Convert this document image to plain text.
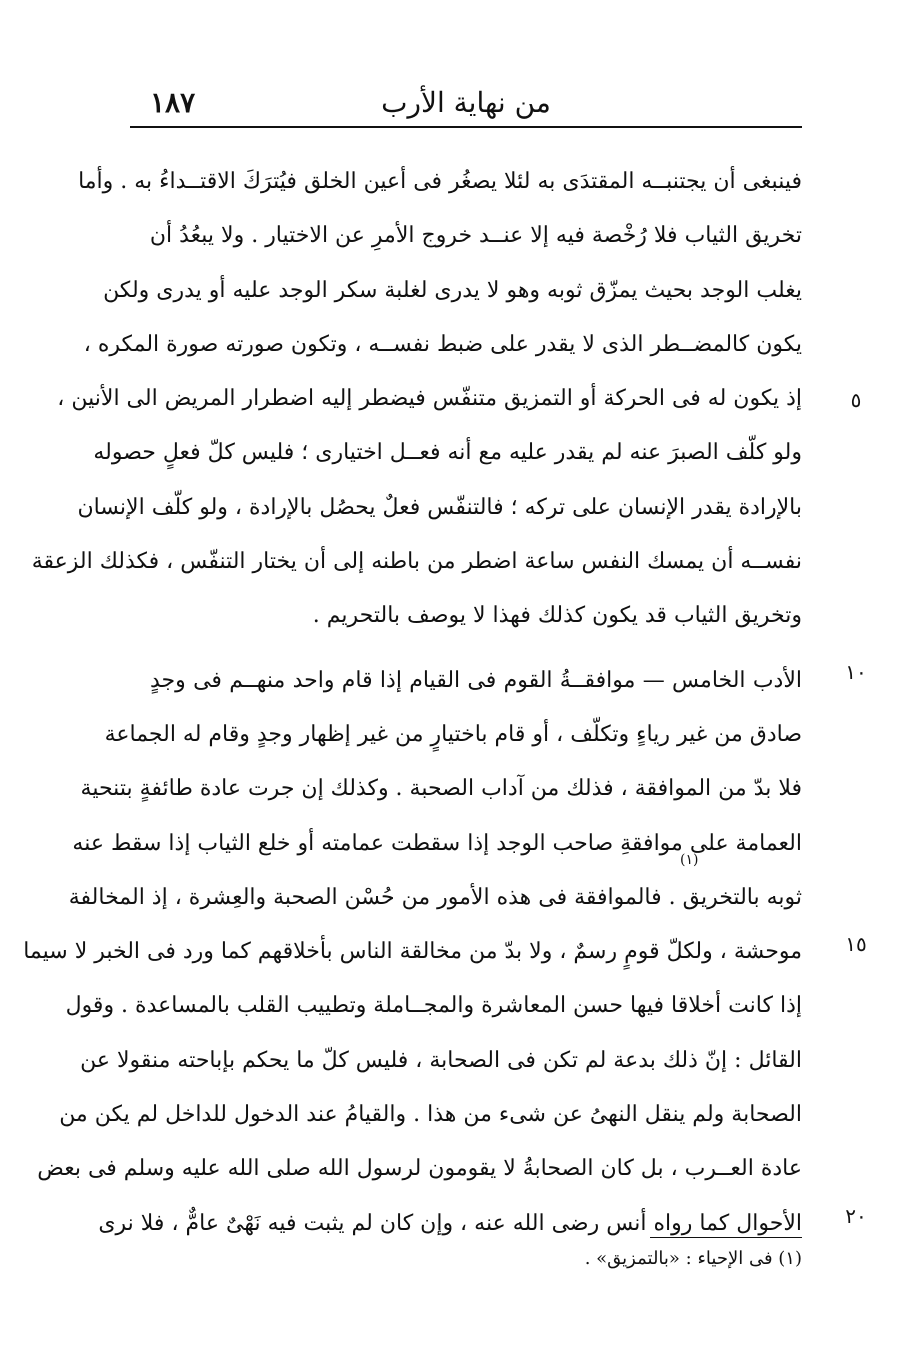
١٨٧	من نهاية الأرب
فينبغى أن يجتنبــه المقتدَى به لئلا يصغُر فى أعين الخلق فيُترَكَ الاقتــداءُ به . وأما
تخريق الثياب فلا رُخْصة فيه إلا عنــد خروج الأمرِ عن الاختيار . ولا يبعُدُ أن
يغلب الوجد بحيث يمزّق ثوبه وهو لا يدرى لغلبة سكر الوجد عليه أو يدرى ولكن
يكون كالمضــطر الذى لا يقدر على ضبط نفســه ، وتكون صورته صورة المكره ،
إذ يكون له فى الحركة أو التمزيق متنفّس فيضطر إليه اضطرار المريض الى الأنين ،
ولو كلّف الصبرَ عنه لم يقدر عليه مع أنه فعــل اختيارى ؛ فليس كلّ فعلٍ حصوله
بالإرادة يقدر الإنسان على تركه ؛ فالتنفّس فعلٌ يحصُل بالإرادة ، ولو كلّف الإنسان
نفســه أن يمسك النفس ساعة اضطر من باطنه إلى أن يختار التنفّس ، فكذلك الزعقة
وتخريق الثياب قد يكون كذلك فهذا لا يوصف بالتحريم .
الأدب الخامس — موافقــةُ القوم فى القيام إذا قام واحد منهــم فى وجدٍ
صادق من غير رياءٍ وتكلّف ، أو قام باختيارٍ من غير إظهار وجدٍ وقام له الجماعة
فلا بدّ من الموافقة ، فذلك من آداب الصحبة . وكذلك إن جرت عادة طائفةٍ بتنحية
العمامة على موافقةِ صاحب الوجد إذا سقطت عمامته أو خلع الثياب إذا سقط عنه
ثوبه بالتخريق . فالموافقة فى هذه الأمور من حُسْن الصحبة والعِشرة ، إذ المخالفة
موحشة ، ولكلّ قومٍ رسمٌ ، ولا بدّ من مخالقة الناس بأخلاقهم كما ورد فى الخبر لا سيما
إذا كانت أخلاقا فيها حسن المعاشرة والمجــاملة وتطييب القلب بالمساعدة . وقول
القائل : إنّ ذلك بدعة لم تكن فى الصحابة ، فليس كلّ ما يحكم بإباحته منقولا عن
الصحابة ولم ينقل النهىُ عن شىء من هذا . والقيامُ عند الدخول للداخل لم يكن من
عادة العــرب ، بل كان الصحابةُ لا يقومون لرسول الله صلى الله عليه وسلم فى بعض
الأحوال كما رواه أنس رضى الله عنه ، وإن كان لم يثبت فيه نَهْىٌ عامٌّ ، فلا نرى
(١)
٥
١٠
١٥
٢٠
(١) فى الإحياء : «بالتمزيق» .
